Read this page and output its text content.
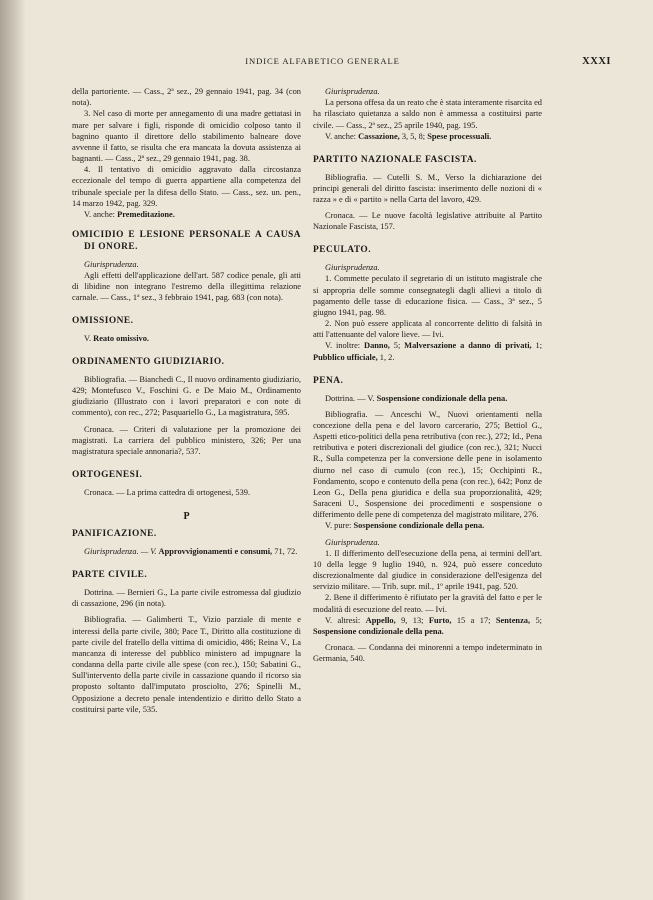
INDICE ALFABETICO GENERALE	XXXI

della partoriente. — Cass., 2ª sez., 29 gennaio 1941, pag. 34 (con nota).

3. Nel caso di morte per annegamento di una madre gettatasi in mare per salvare i figli, risponde di omicidio colposo tanto il bagnino quanto il direttore dello stabilimento balneare dove avvenne il fatto, se risulta che era mancata la dovuta assistenza ai bagnanti. — Cass., 2ª sez., 29 gennaio 1941, pag. 38.

4. Il tentativo di omicidio aggravato dalla circostanza eccezionale del tempo di guerra appartiene alla competenza del tribunale speciale per la difesa dello Stato. — Cass., sez. un. pen., 14 marzo 1942, pag. 329.

V. anche: Premeditazione.

OMICIDIO E LESIONE PERSONALE A CAUSA DI ONORE.

Giurisprudenza.

Agli effetti dell'applicazione dell'art. 587 codice penale, gli atti di libidine non integrano l'estremo della illegittima relazione carnale. — Cass., 1ª sez., 3 febbraio 1941, pag. 683 (con nota).

OMISSIONE.

V. Reato omissivo.

ORDINAMENTO GIUDIZIARIO.

Bibliografia. — Bianchedi C., Il nuovo ordinamento giudiziario, 429; Montefusco V., Foschini G. e De Maio M., Ordinamento giudiziario (Illustrato con i lavori preparatori e con note di commento), con rec., 272; Pasquariello G., La magistratura, 595.

Cronaca. — Criteri di valutazione per la promozione dei magistrati. La carriera del pubblico ministero, 326; Per una magistratura speciale annonaria?, 537.

ORTOGENESI.

Cronaca. — La prima cattedra di ortogenesi, 539.

P
PANIFICAZIONE.

Giurisprudenza. — V. Approvvigionamenti e consumi, 71, 72.

PARTE CIVILE.

Dottrina. — Bernieri G., La parte civile estromessa dal giudizio di cassazione, 296 (in nota).

Bibliografia. — Galimberti T., Vizio parziale di mente e interessi della parte civile, 380; Pace T., Diritto alla costituzione di parte civile del fratello della vittima di omicidio, 486; Reina V., La mancanza di interesse del pubblico ministero ad impugnare la condanna della parte civile alle spese (con rec.), 150; Sabatini G., Sull'intervento della parte civile in cassazione quando il ricorso sia proposto soltanto dall'imputato prosciolto, 276; Spinelli M., Opposizione a decreto penale intendentizio e diritto dello Stato a costituirsi parte vile, 535.

Giurisprudenza.

La persona offesa da un reato che è stata interamente risarcita ed ha rilasciato quietanza a saldo non è ammessa a costituirsi parte civile. — Cass., 2ª sez., 25 aprile 1940, pag. 195.

V. anche: Cassazione, 3, 5, 8; Spese processuali.

PARTITO NAZIONALE FASCISTA.

Bibliografia. — Cutelli S. M., Verso la dichiarazione dei principi generali del diritto fascista: inserimento delle nozioni di « razza » e di « partito » nella Carta del lavoro, 429.

Cronaca. — Le nuove facoltà legislative attribuite al Partito Nazionale Fascista, 157.

PECULATO.

Giurisprudenza.

1. Commette peculato il segretario di un istituto magistrale che si appropria delle somme consegnategli dagli allievi a titolo di pagamento delle tasse di educazione fisica. — Cass., 3ª sez., 5 giugno 1941, pag. 98.

2. Non può essere applicata al concorrente delitto di falsità in atti l'attenuante del valore lieve. — Ivi.

V. inoltre: Danno, 5; Malversazione a danno di privati, 1; Pubblico ufficiale, 1, 2.

PENA.

Dottrina. — V. Sospensione condizionale della pena.

Bibliografia. — Anceschi W., Nuovi orientamenti nella concezione della pena e del lavoro carcerario, 275; Bettiol G., Aspetti etico-politici della pena retributiva (con rec.), 272; Id., Pena retributiva e poteri discrezionali del giudice (con rec.), 321; Nucci R., Sulla competenza per la conversione delle pene in isolamento diurno nel caso di cumulo (con rec.), 15; Occhipinti R., Fondamento, scopo e contenuto della pena (con rec.), 642; Ponz de Leon G., Della pena giuridica e della sua proporzionalità, 429; Saraceni U., Sospensione dei procedimenti e sospensione o differimento delle pene di competenza del magistrato militare, 276.

V. pure: Sospensione condizionale della pena.

Giurisprudenza.

1. Il differimento dell'esecuzione della pena, ai termini dell'art. 10 della legge 9 luglio 1940, n. 924, può essere conceduto discrezionalmente dal giudice in considerazione dell'esigenza del servizio militare. — Trib. supr. mil., 1º aprile 1941, pag. 520.

2. Bene il differimento è rifiutato per la gravità del fatto e per le modalità di esecuzione del reato. — Ivi.

V. altresì: Appello, 9, 13; Furto, 15 a 17; Sentenza, 5; Sospensione condizionale della pena.

Cronaca. — Condanna dei minorenni a tempo indeterminato in Germania, 540.
